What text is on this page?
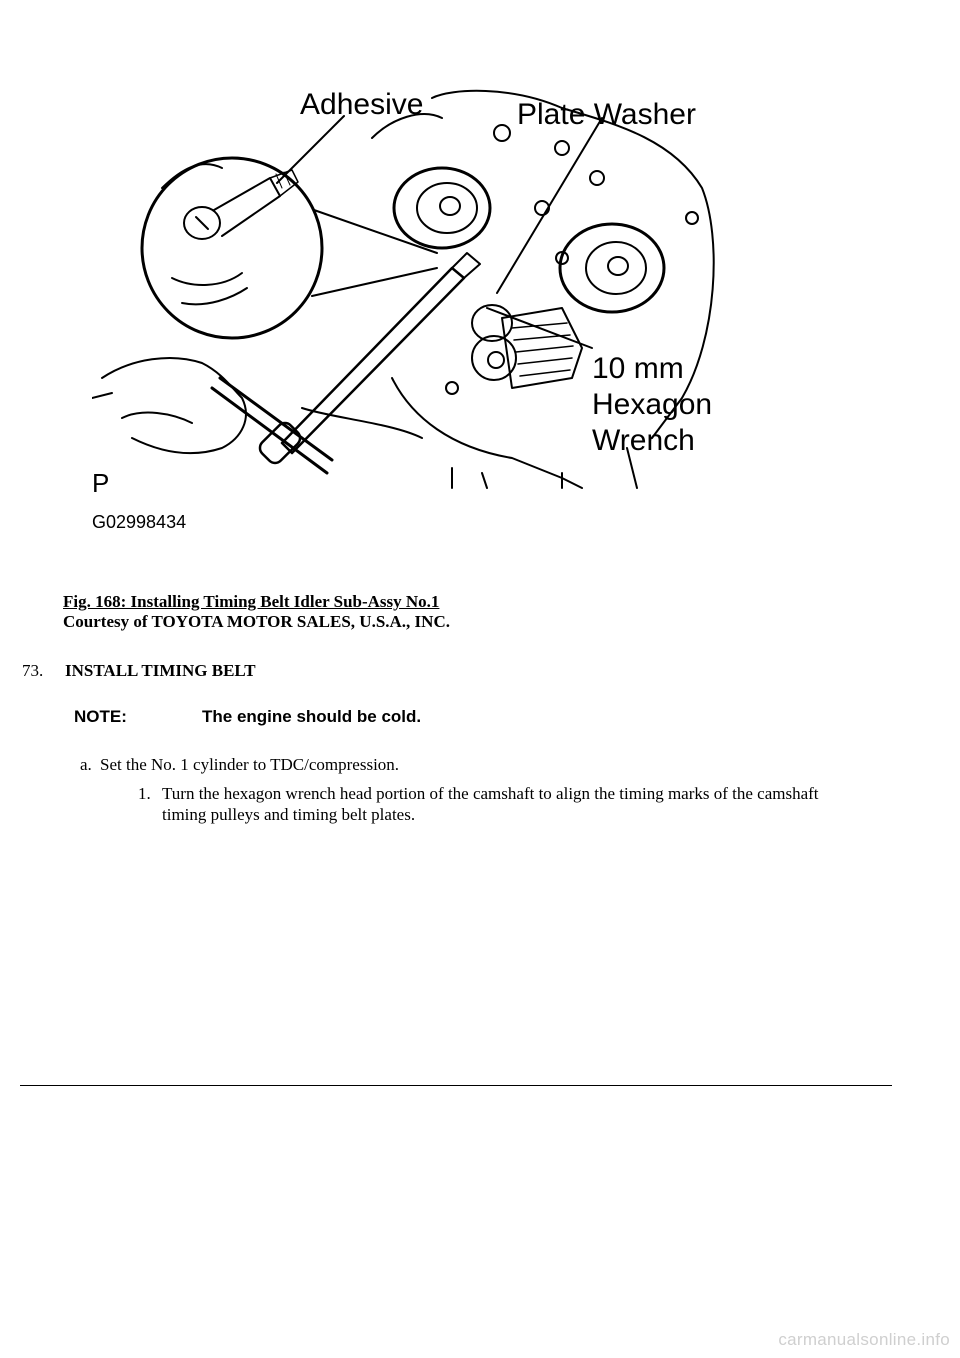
Adhesive	Plate Washer
10 mm
Hexagon
Wrench
P
G02998434
Fig. 168: Installing Timing Belt Idler Sub-Assy No.1
Courtesy of TOYOTA MOTOR SALES, U.S.A., INC.
73. INSTALL TIMING BELT
NOTE:	The engine should be cold.
a. Set the No. 1 cylinder to TDC/compression.
1. Turn the hexagon wrench head portion of the camshaft to align the timing marks of the camshaft timing pulleys and timing belt plates.
carmanualsonline.info
